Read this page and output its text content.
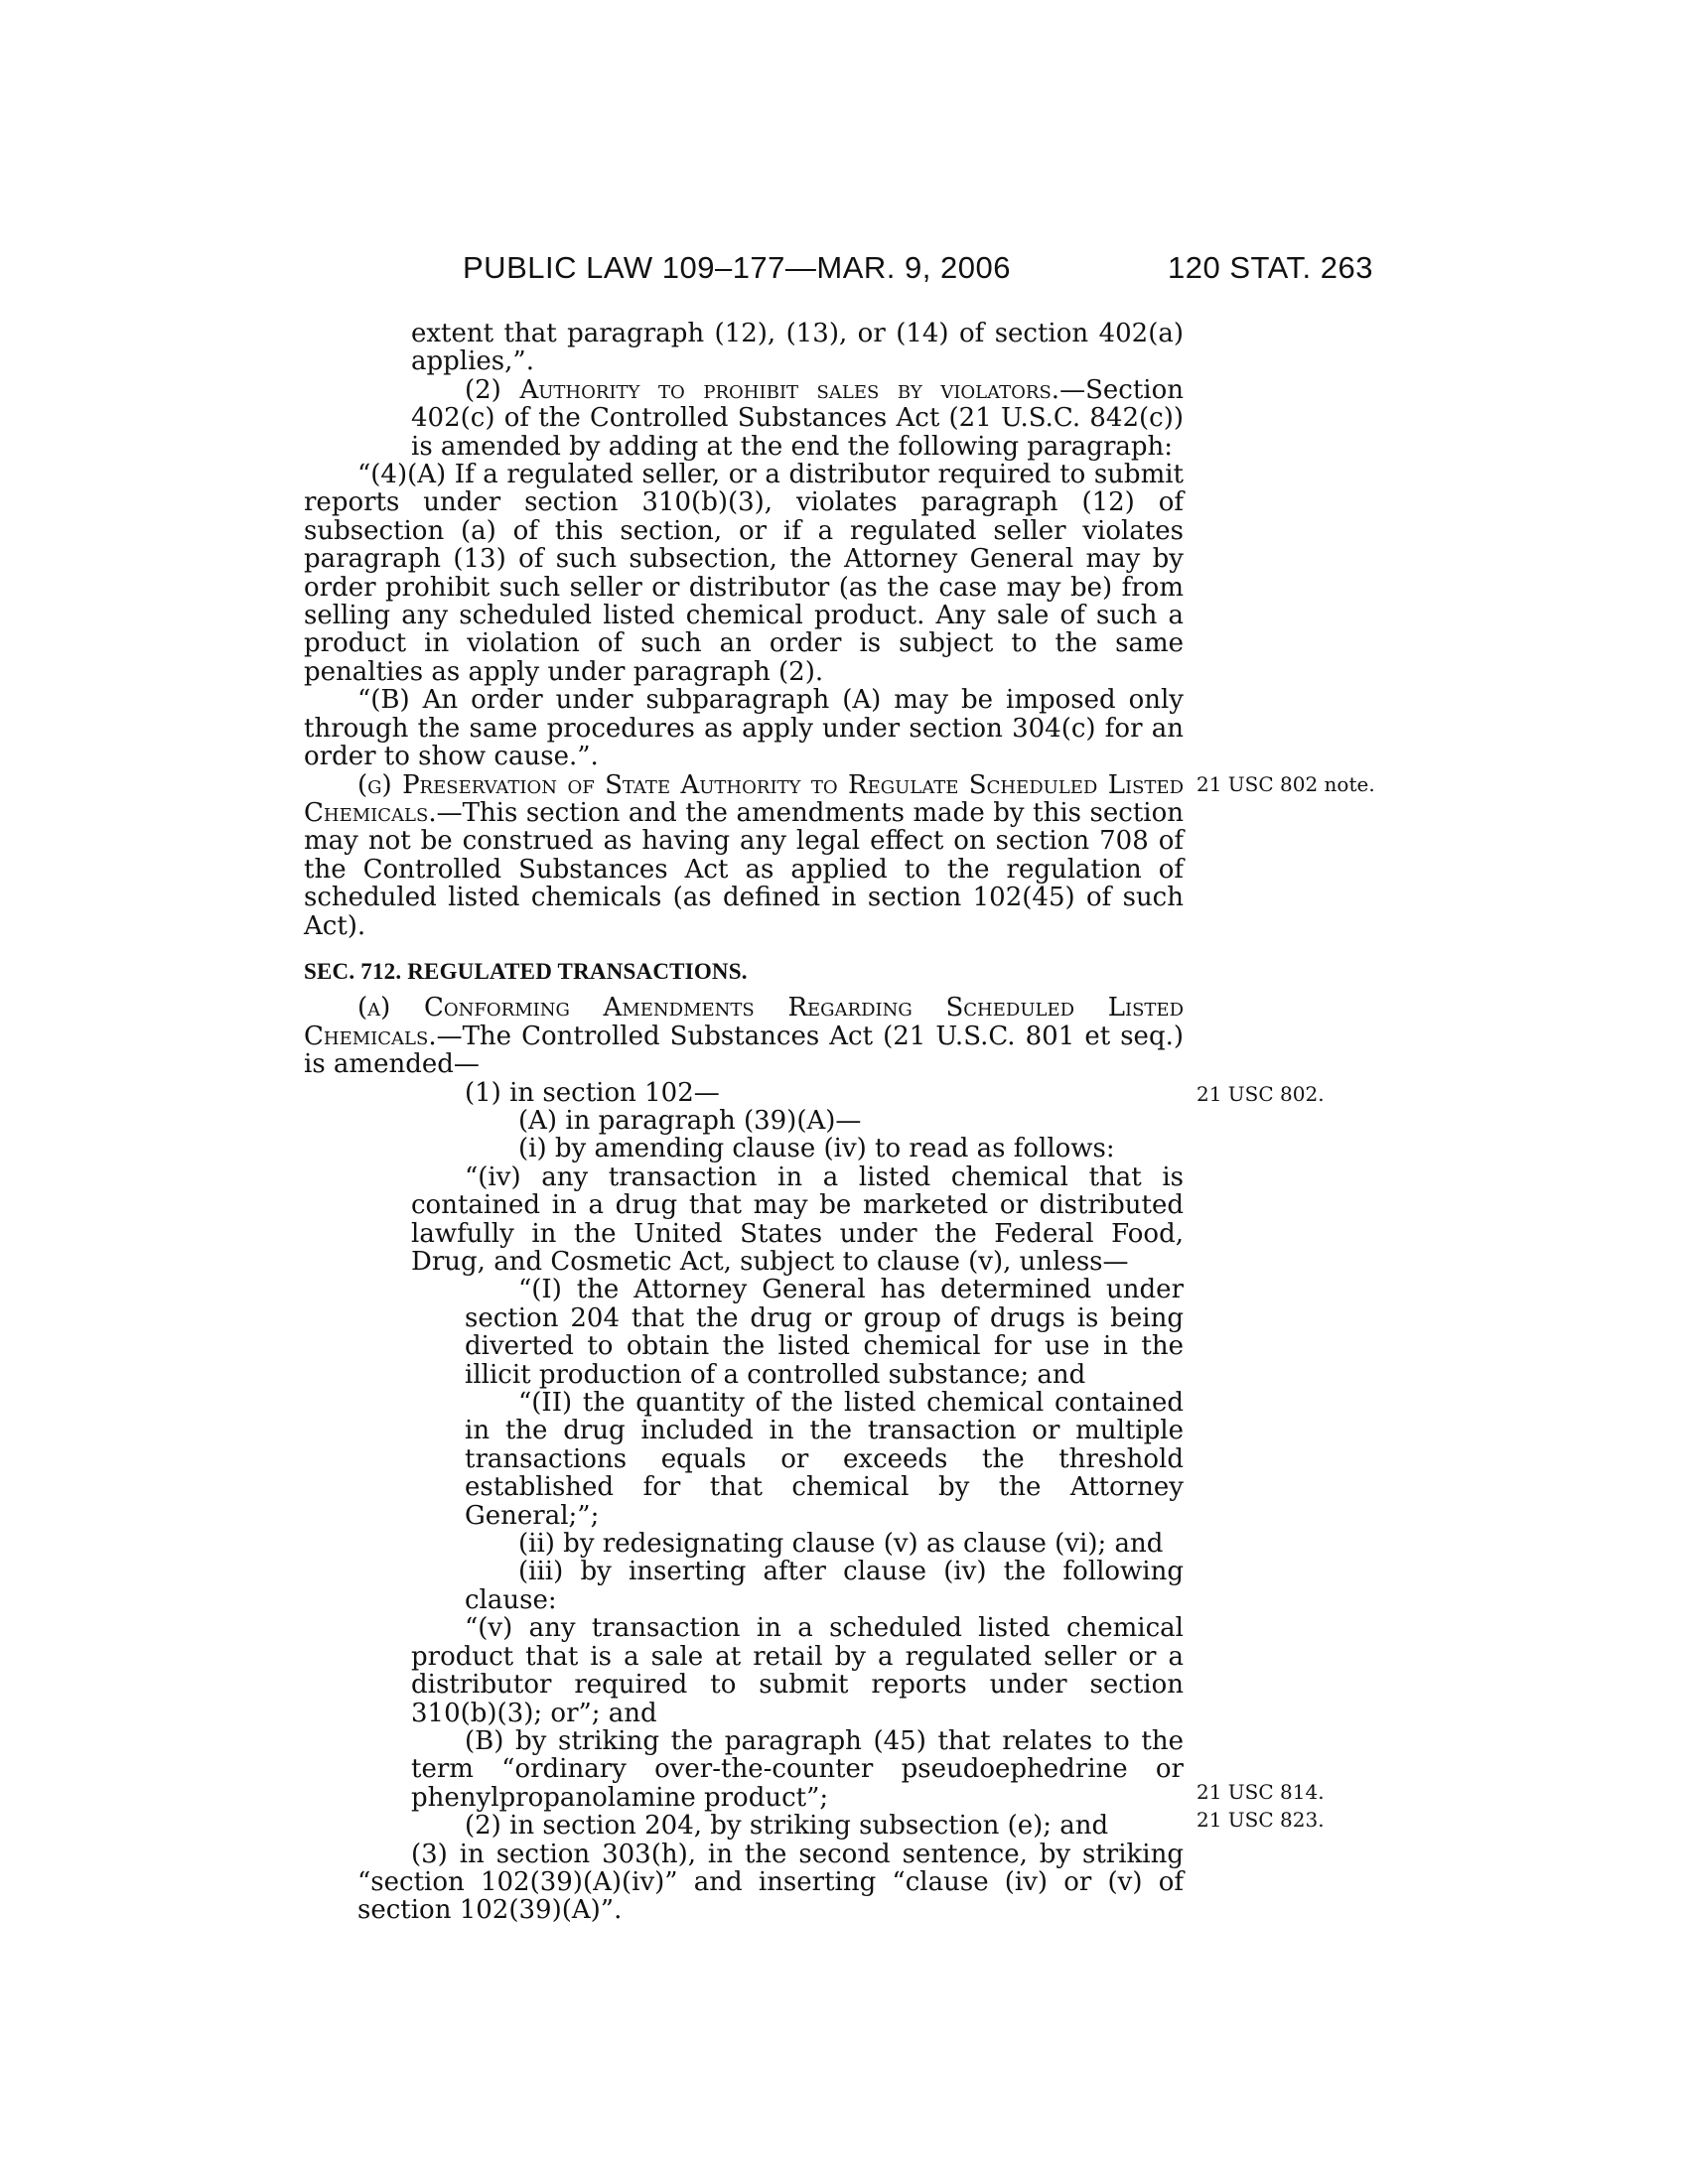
PUBLIC LAW 109–177—MAR. 9, 2006	120 STAT. 263

extent that paragraph (12), (13), or (14) of section 402(a) applies,”.

(2) Authority to prohibit sales by violators.—Section 402(c) of the Controlled Substances Act (21 U.S.C. 842(c)) is amended by adding at the end the following paragraph:

“(4)(A) If a regulated seller, or a distributor required to submit reports under section 310(b)(3), violates paragraph (12) of subsection (a) of this section, or if a regulated seller violates paragraph (13) of such subsection, the Attorney General may by order prohibit such seller or distributor (as the case may be) from selling any scheduled listed chemical product. Any sale of such a product in violation of such an order is subject to the same penalties as apply under paragraph (2).

“(B) An order under subparagraph (A) may be imposed only through the same procedures as apply under section 304(c) for an order to show cause.”.

(g) Preservation of State Authority to Regulate Scheduled Listed Chemicals.—This section and the amendments made by this section may not be construed as having any legal effect on section 708 of the Controlled Substances Act as applied to the regulation of scheduled listed chemicals (as defined in section 102(45) of such Act).

SEC. 712. REGULATED TRANSACTIONS.

(a) Conforming Amendments Regarding Scheduled Listed Chemicals.—The Controlled Substances Act (21 U.S.C. 801 et seq.) is amended—

(1) in section 102—

(A) in paragraph (39)(A)—

(i) by amending clause (iv) to read as follows:

“(iv) any transaction in a listed chemical that is contained in a drug that may be marketed or distributed lawfully in the United States under the Federal Food, Drug, and Cosmetic Act, subject to clause (v), unless—

“(I) the Attorney General has determined under section 204 that the drug or group of drugs is being diverted to obtain the listed chemical for use in the illicit production of a controlled substance; and

“(II) the quantity of the listed chemical contained in the drug included in the transaction or multiple transactions equals or exceeds the threshold established for that chemical by the Attorney General;”;

(ii) by redesignating clause (v) as clause (vi); and

(iii) by inserting after clause (iv) the following clause:

“(v) any transaction in a scheduled listed chemical product that is a sale at retail by a regulated seller or a distributor required to submit reports under section 310(b)(3); or”; and

(B) by striking the paragraph (45) that relates to the term “ordinary over-the-counter pseudoephedrine or phenylpropanolamine product”;

(2) in section 204, by striking subsection (e); and

(3) in section 303(h), in the second sentence, by striking “section 102(39)(A)(iv)” and inserting “clause (iv) or (v) of section 102(39)(A)”.

21 USC 802 note.
21 USC 802.
21 USC 814.
21 USC 823.
